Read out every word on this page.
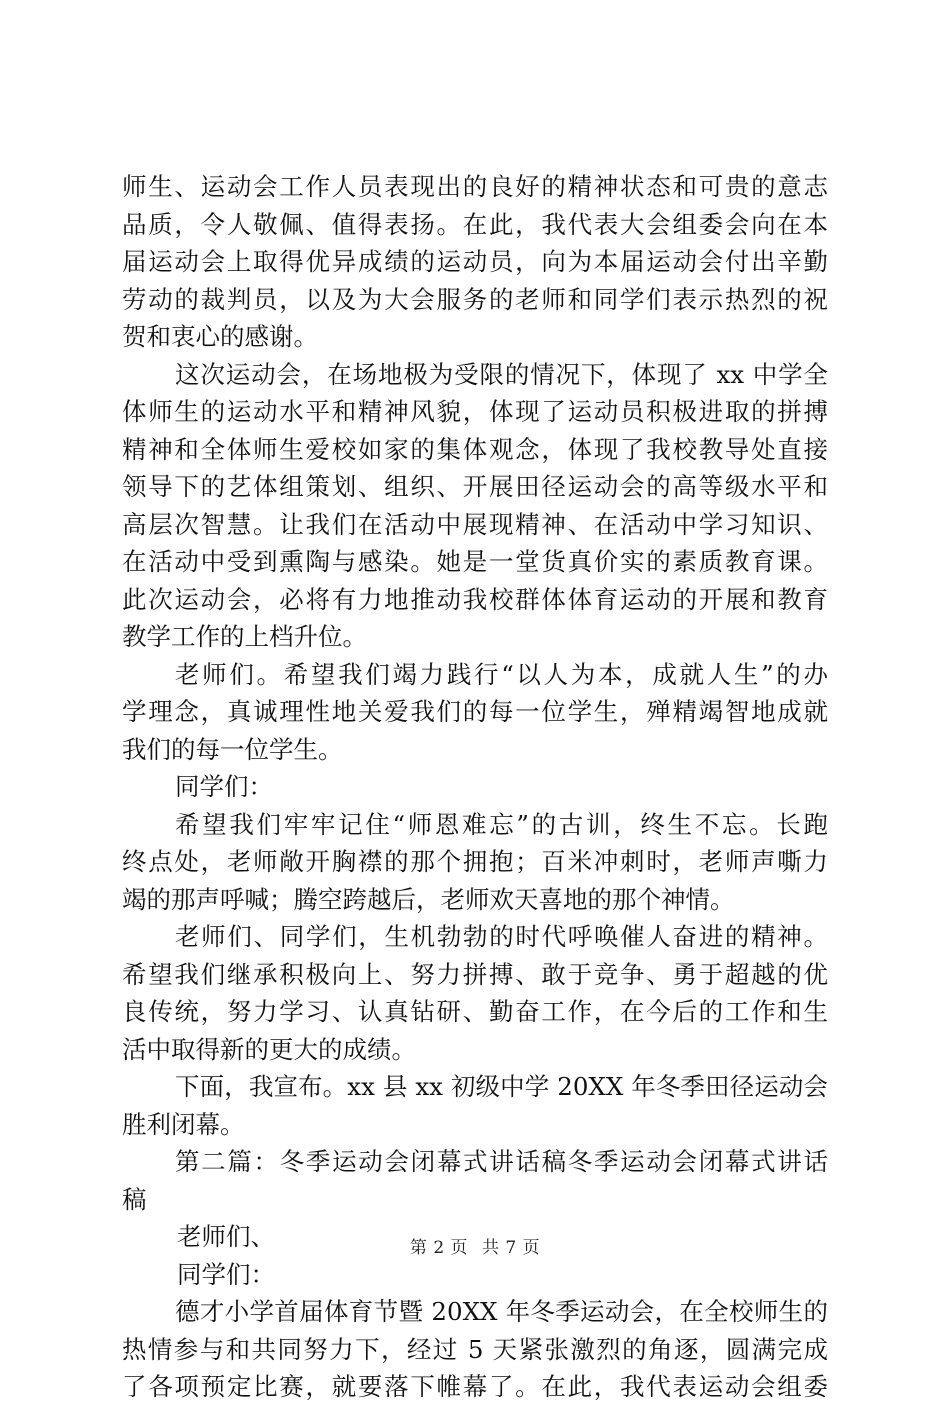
师生、运动会工作人员表现出的良好的精神状态和可贵的意志
品质，令人敬佩、值得表扬。在此，我代表大会组委会向在本
届运动会上取得优异成绩的运动员，向为本届运动会付出辛勤
劳动的裁判员，以及为大会服务的老师和同学们表示热烈的祝
贺和衷心的感谢。
这次运动会，在场地极为受限的情况下，体现了 xx 中学全
体师生的运动水平和精神风貌，体现了运动员积极进取的拼搏
精神和全体师生爱校如家的集体观念，体现了我校教导处直接
领导下的艺体组策划、组织、开展田径运动会的高等级水平和
高层次智慧。让我们在活动中展现精神、在活动中学习知识、
在活动中受到熏陶与感染。她是一堂货真价实的素质教育课。
此次运动会，必将有力地推动我校群体体育运动的开展和教育
教学工作的上档升位。
老师们。希望我们竭力践行“以人为本，成就人生”的办
学理念，真诚理性地关爱我们的每一位学生，殚精竭智地成就
我们的每一位学生。
同学们：
希望我们牢牢记住“师恩难忘”的古训，终生不忘。长跑
终点处，老师敞开胸襟的那个拥抱；百米冲刺时，老师声嘶力
竭的那声呼喊；腾空跨越后，老师欢天喜地的那个神情。
老师们、同学们，生机勃勃的时代呼唤催人奋进的精神。
希望我们继承积极向上、努力拼搏、敢于竞争、勇于超越的优
良传统，努力学习、认真钻研、勤奋工作，在今后的工作和生
活中取得新的更大的成绩。
下面，我宣布。xx 县 xx 初级中学 20XX 年冬季田径运动会
胜利闭幕。
第二篇：冬季运动会闭幕式讲话稿冬季运动会闭幕式讲话
稿
老师们、
同学们：
德才小学首届体育节暨 20XX 年冬季运动会，在全校师生的
热情参与和共同努力下，经过 5 天紧张激烈的角逐，圆满完成
了各项预定比赛，就要落下帷幕了。在此，我代表运动会组委
第 2 页 共 7 页
